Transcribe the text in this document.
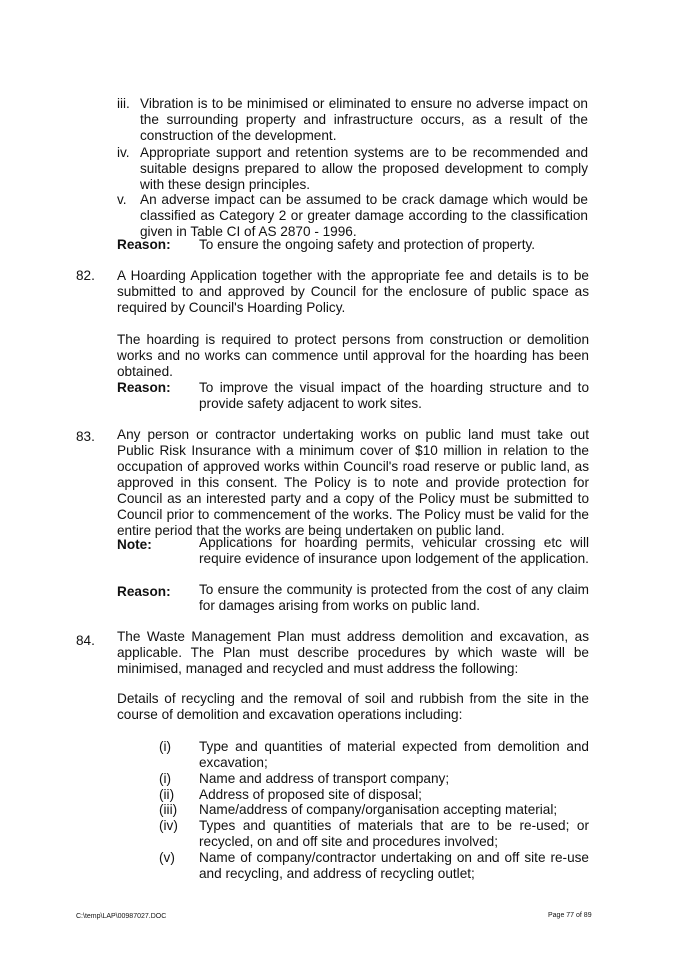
iii. Vibration is to be minimised or eliminated to ensure no adverse impact on the surrounding property and infrastructure occurs, as a result of the construction of the development.
iv. Appropriate support and retention systems are to be recommended and suitable designs prepared to allow the proposed development to comply with these design principles.
v. An adverse impact can be assumed to be crack damage which would be classified as Category 2 or greater damage according to the classification given in Table CI of AS 2870 - 1996.
Reason: To ensure the ongoing safety and protection of property.
82. A Hoarding Application together with the appropriate fee and details is to be submitted to and approved by Council for the enclosure of public space as required by Council's Hoarding Policy.
The hoarding is required to protect persons from construction or demolition works and no works can commence until approval for the hoarding has been obtained.
Reason: To improve the visual impact of the hoarding structure and to provide safety adjacent to work sites.
83. Any person or contractor undertaking works on public land must take out Public Risk Insurance with a minimum cover of $10 million in relation to the occupation of approved works within Council's road reserve or public land, as approved in this consent. The Policy is to note and provide protection for Council as an interested party and a copy of the Policy must be submitted to Council prior to commencement of the works. The Policy must be valid for the entire period that the works are being undertaken on public land.
Note:	Applications for hoarding permits, vehicular crossing etc will require evidence of insurance upon lodgement of the application.
Reason: To ensure the community is protected from the cost of any claim for damages arising from works on public land.
84. The Waste Management Plan must address demolition and excavation, as applicable. The Plan must describe procedures by which waste will be minimised, managed and recycled and must address the following:
Details of recycling and the removal of soil and rubbish from the site in the course of demolition and excavation operations including:
(i) Type and quantities of material expected from demolition and excavation;
(i) Name and address of transport company;
(ii) Address of proposed site of disposal;
(iii) Name/address of company/organisation accepting material;
(iv) Types and quantities of materials that are to be re-used; or recycled, on and off site and procedures involved;
(v) Name of company/contractor undertaking on and off site re-use and recycling, and address of recycling outlet;
C:\temp\LAP\00987027.DOC	Page 77 of 89
